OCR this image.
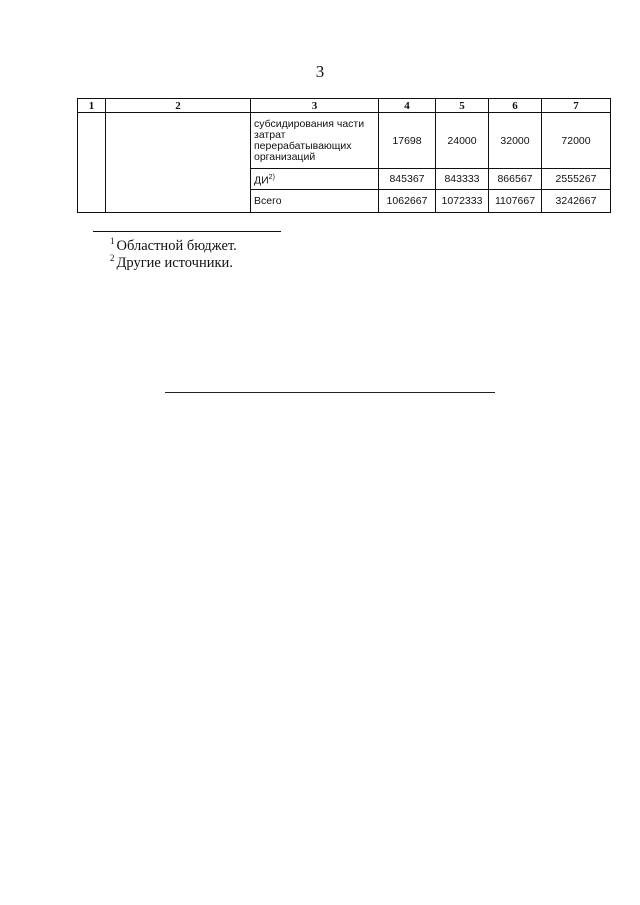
3
1	2	3	4	5	6	7
		субсидирования части затрат перерабатывающих организаций	17698	24000	32000	72000
		ДИ$^{2)}$	845367	843333	866567	2555267
		Всего	1062667	1072333	1107667	3242667
$^1$ Областной бюджет.
$^2$ Другие источники.
